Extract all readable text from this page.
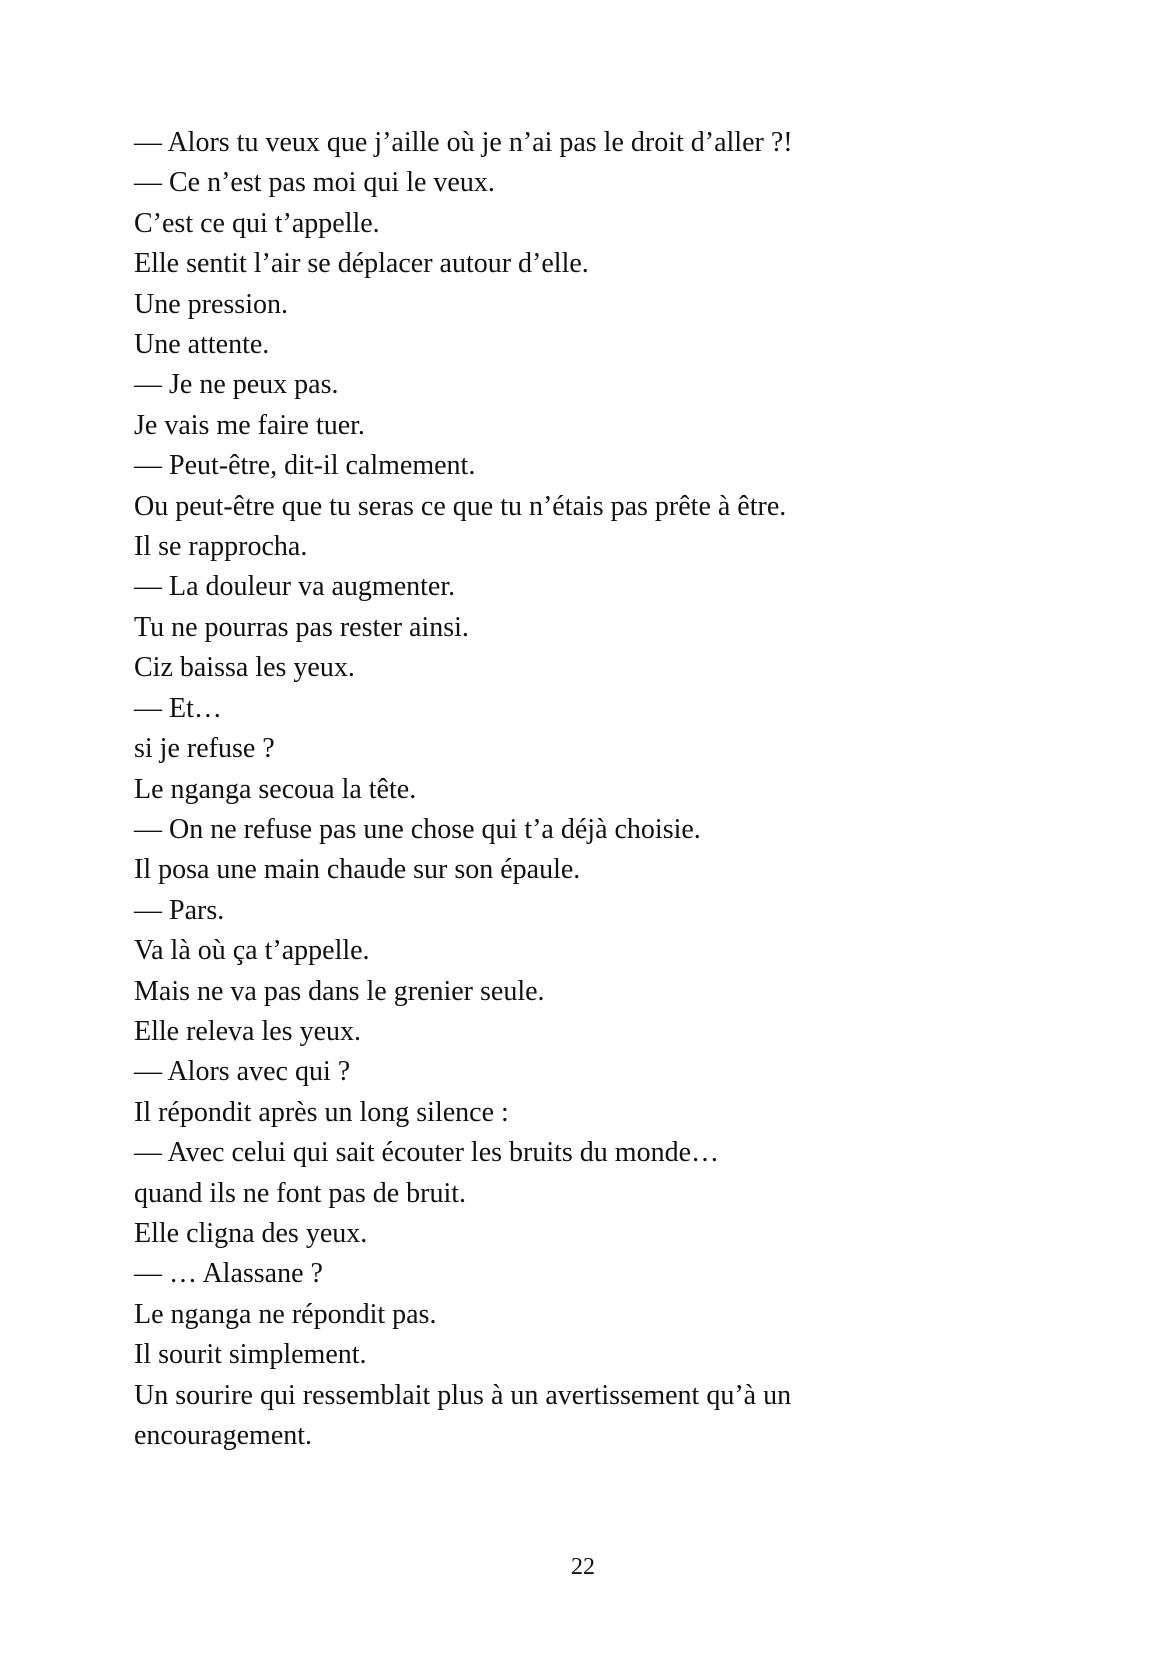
— Alors tu veux que j’aille où je n’ai pas le droit d’aller ?!
— Ce n’est pas moi qui le veux.
C’est ce qui t’appelle.
Elle sentit l’air se déplacer autour d’elle.
Une pression.
Une attente.
— Je ne peux pas.
Je vais me faire tuer.
— Peut-être, dit-il calmement.
Ou peut-être que tu seras ce que tu n’étais pas prête à être.
Il se rapprocha.
— La douleur va augmenter.
Tu ne pourras pas rester ainsi.
Ciz baissa les yeux.
— Et…
si je refuse ?
Le nganga secoua la tête.
— On ne refuse pas une chose qui t’a déjà choisie.
Il posa une main chaude sur son épaule.
— Pars.
Va là où ça t’appelle.
Mais ne va pas dans le grenier seule.
Elle releva les yeux.
— Alors avec qui ?
Il répondit après un long silence :
— Avec celui qui sait écouter les bruits du monde…
quand ils ne font pas de bruit.
Elle cligna des yeux.
— … Alassane ?
Le nganga ne répondit pas.
Il sourit simplement.
Un sourire qui ressemblait plus à un avertissement qu’à un
encouragement.
22
